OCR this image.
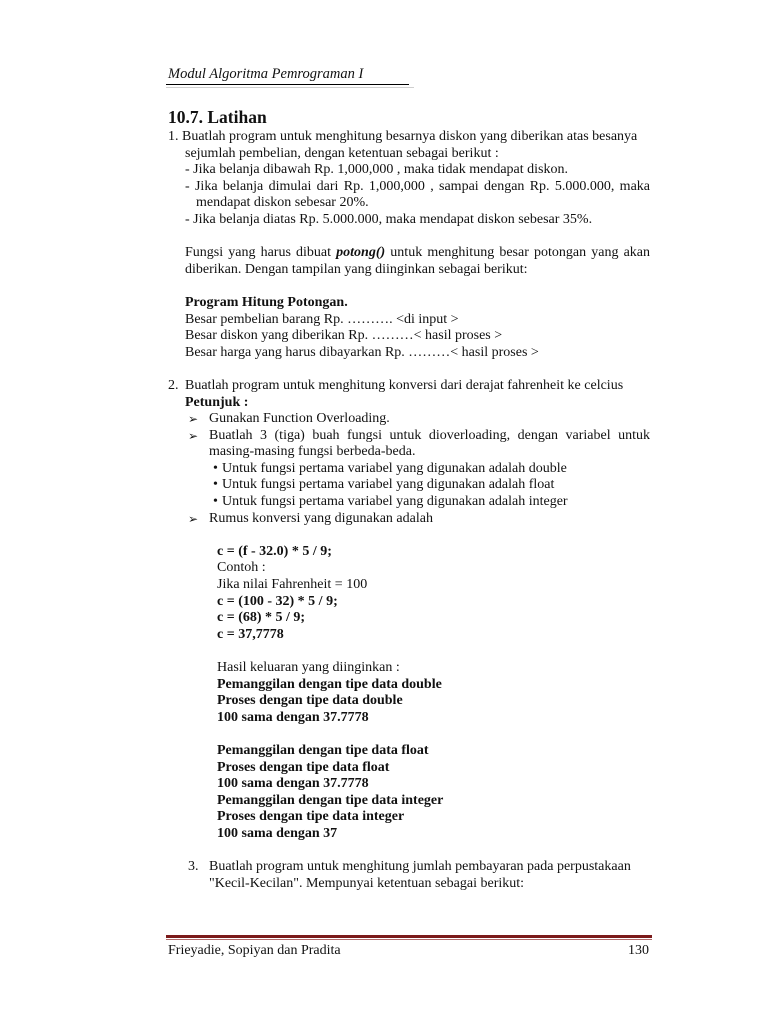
Modul Algoritma Pemrograman I
10.7. Latihan
1. Buatlah program untuk menghitung besarnya diskon yang diberikan atas besanya
sejumlah pembelian, dengan ketentuan sebagai berikut :
- Jika belanja dibawah Rp. 1,000,000 , maka tidak mendapat diskon.
- Jika belanja dimulai dari Rp. 1,000,000 , sampai dengan Rp. 5.000.000, maka mendapat diskon sebesar 20%.
- Jika belanja diatas Rp. 5.000.000, maka mendapat diskon sebesar 35%.
Fungsi yang harus dibuat potong() untuk menghitung besar potongan yang akan diberikan. Dengan tampilan yang diinginkan sebagai berikut:
Program Hitung Potongan.
Besar pembelian barang Rp. ………. <di input >
Besar diskon yang diberikan Rp. ………< hasil proses >
Besar harga yang harus dibayarkan Rp. ………< hasil proses >
2. Buatlah program untuk menghitung konversi dari derajat fahrenheit ke celcius
Petunjuk :
➢ Gunakan Function Overloading.
➢ Buatlah 3 (tiga) buah fungsi untuk dioverloading, dengan variabel untuk masing-masing fungsi berbeda-beda.
• Untuk fungsi pertama variabel yang digunakan adalah double
• Untuk fungsi pertama variabel yang digunakan adalah float
• Untuk fungsi pertama variabel yang digunakan adalah integer
➢ Rumus konversi yang digunakan adalah
c = (f - 32.0) * 5 / 9;
Contoh :
Jika nilai Fahrenheit = 100
c = (100 - 32) * 5 / 9;
c = (68) * 5 / 9;
c = 37,7778
Hasil keluaran yang diinginkan :
Pemanggilan dengan tipe data double
Proses dengan tipe data double
100 sama dengan 37.7778
Pemanggilan dengan tipe data float
Proses dengan tipe data float
100 sama dengan 37.7778
Pemanggilan dengan tipe data integer
Proses dengan tipe data integer
100 sama dengan 37
3. Buatlah program untuk menghitung jumlah pembayaran pada perpustakaan
"Kecil-Kecilan". Mempunyai ketentuan sebagai berikut:
Frieyadie, Sopiyan dan Pradita	130
